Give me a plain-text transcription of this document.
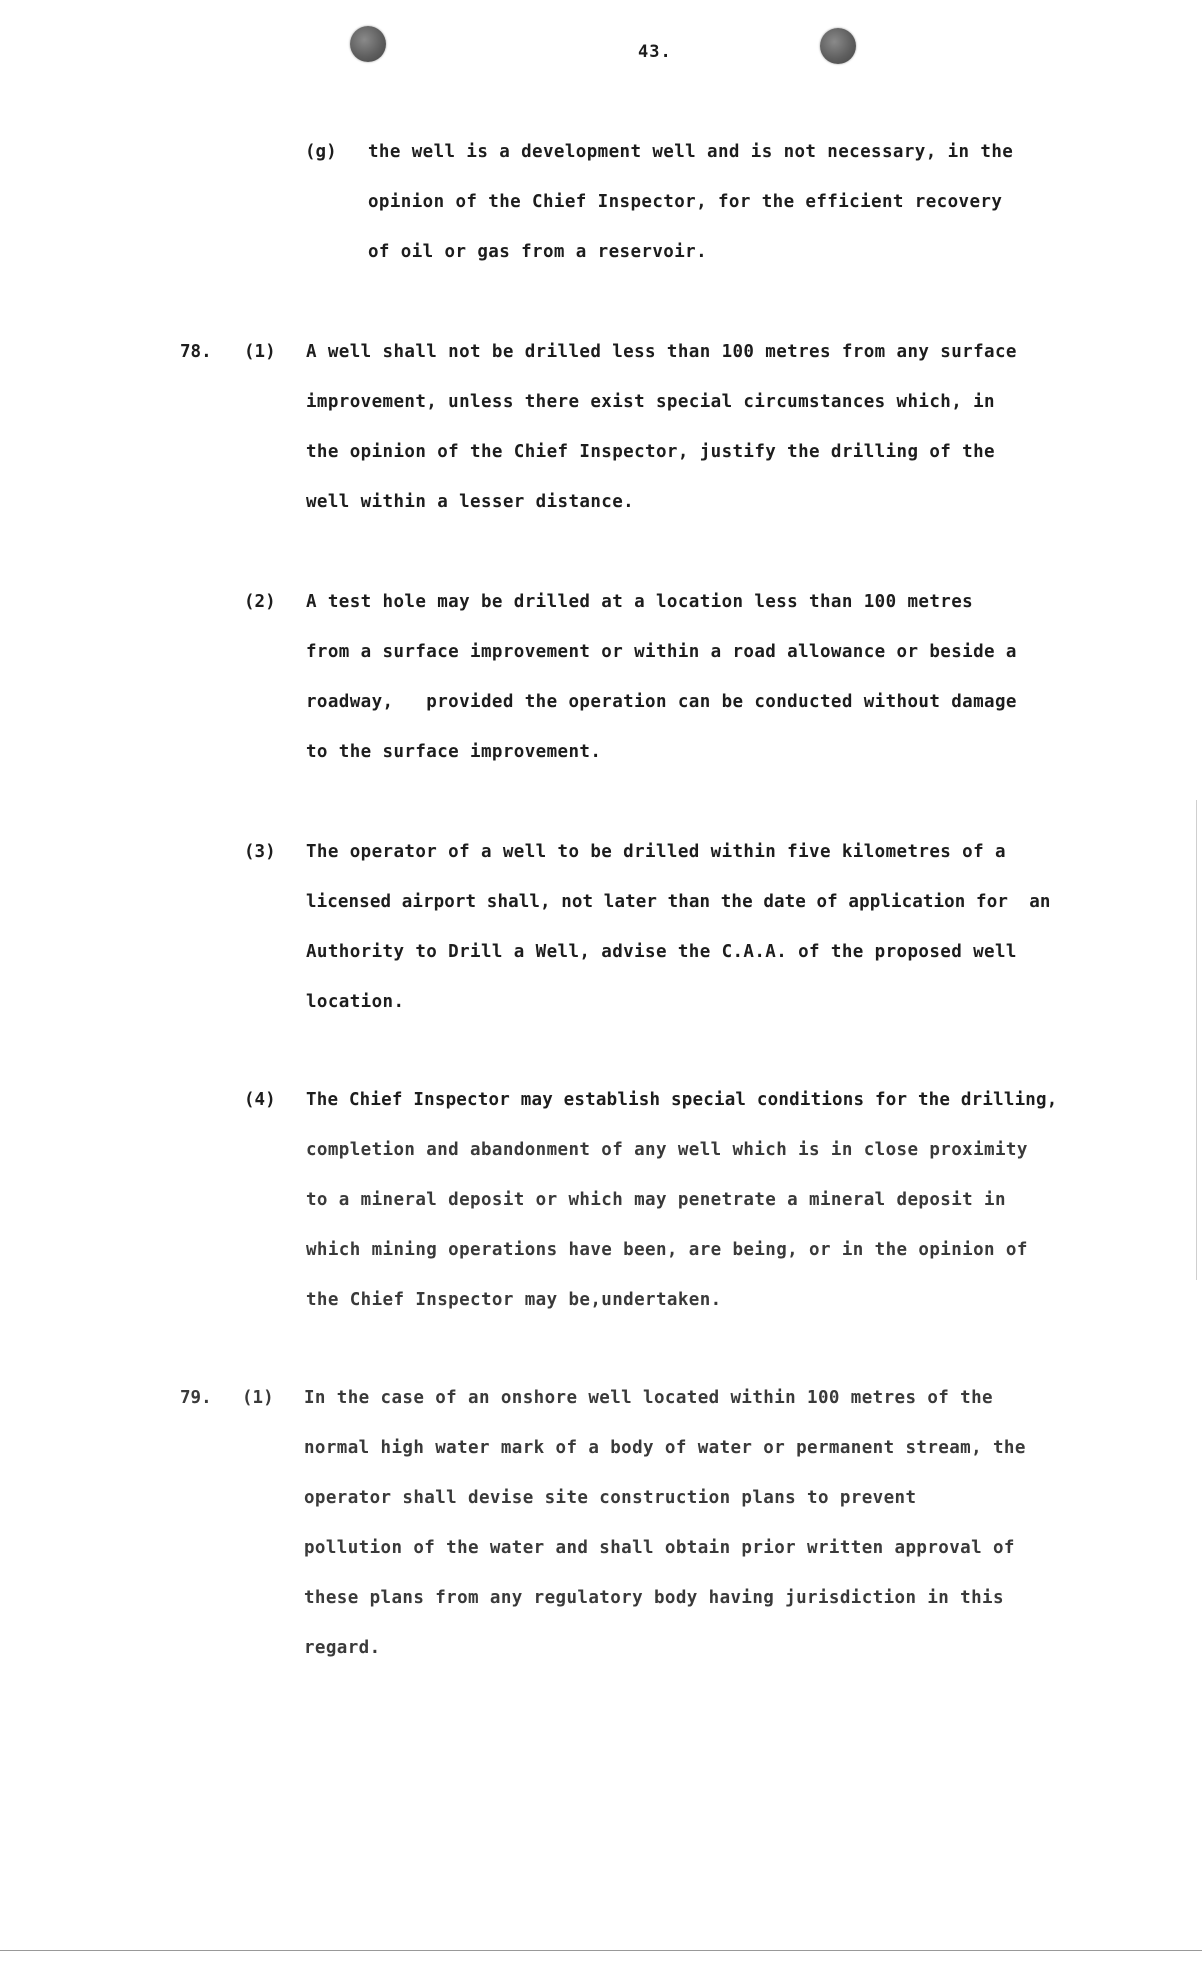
43.
(g) the well is a development well and is not necessary, in the
opinion of the Chief Inspector, for the efficient recovery
of oil or gas from a reservoir.
78. (1) A well shall not be drilled less than 100 metres from any surface
improvement, unless there exist special circumstances which, in
the opinion of the Chief Inspector, justify the drilling of the
well within a lesser distance.
(2) A test hole may be drilled at a location less than 100 metres
from a surface improvement or within a road allowance or beside a
roadway,   provided the operation can be conducted without damage
to the surface improvement.
(3) The operator of a well to be drilled within five kilometres of a
licensed airport shall, not later than the date of application for  an
Authority to Drill a Well, advise the C.A.A. of the proposed well
location.
(4) The Chief Inspector may establish special conditions for the drilling,
completion and abandonment of any well which is in close proximity
to a mineral deposit or which may penetrate a mineral deposit in
which mining operations have been, are being, or in the opinion of
the Chief Inspector may be,undertaken.
79. (1) In the case of an onshore well located within 100 metres of the
normal high water mark of a body of water or permanent stream, the
operator shall devise site construction plans to prevent
pollution of the water and shall obtain prior written approval of
these plans from any regulatory body having jurisdiction in this
regard.
